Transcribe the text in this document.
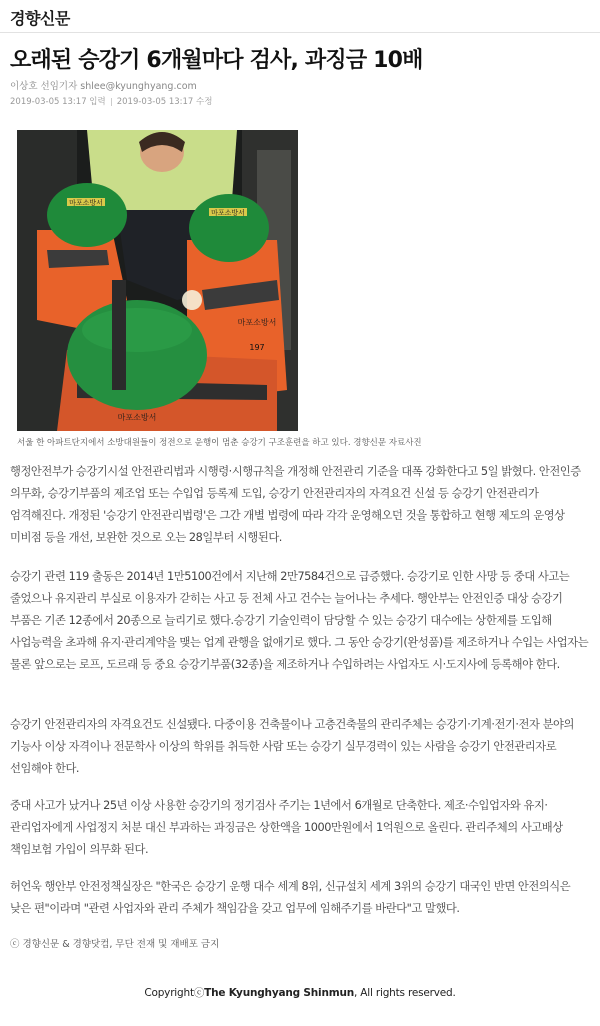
경향신문
오래된 승강기 6개월마다 검사, 과징금 10배
이상호 선임기자 shlee@kyunghyang.com
2019-03-05 13:17 입력 2019-03-05 13:17 수정
마포소방서
197
마포소방서
마포소방서
마포소방서
서울 한 아파트단지에서 소방대원들이 정전으로 운행이 멈춘 승강기 구조훈련을 하고 있다. 경향신문 자료사진

행정안전부가 승강기시설 안전관리법과 시행령·시행규칙을 개정해 안전관리 기준을 대폭 강화한다고 5일 밝혔다. 안전인증 의무화, 승강기부품의 제조업 또는 수입업 등록제 도입, 승강기 안전관리자의 자격요건 신설 등 승강기 안전관리가 엄격해진다. 개정된 '승강기 안전관리법령'은 그간 개별 법령에 따라 각각 운영해오던 것을 통합하고 현행 제도의 운영상 미비점 등을 개선, 보완한 것으로 오는 28일부터 시행된다.

승강기 관련 119 출동은 2014년 1만5100건에서 지난해 2만7584건으로 급증했다. 승강기로 인한 사망 등 중대 사고는 줄었으나 유지관리 부실로 이용자가 갇히는 사고 등 전체 사고 건수는 늘어나는 추세다. 행안부는 안전인증 대상 승강기 부품은 기존 12종에서 20종으로 늘리기로 했다.승강기 기술인력이 담당할 수 있는 승강기 대수에는 상한제를 도입해 사업능력을 초과해 유지·관리계약을 맺는 업계 관행을 없애기로 했다. 그 동안 승강기(완성품)를 제조하거나 수입는 사업자는 물론 앞으로는 로프, 도르래 등 중요 승강기부품(32종)을 제조하거나 수입하려는 사업자도 시·도지사에 등록해야 한다.

승강기 안전관리자의 자격요건도 신설됐다. 다중이용 건축물이나 고층건축물의 관리주체는 승강기·기계·전기·전자 분야의 기능사 이상 자격이나 전문학사 이상의 학위를 취득한 사람 또는 승강기 실무경력이 있는 사람을 승강기 안전관리자로 선임해야 한다.

중대 사고가 났거나 25년 이상 사용한 승강기의 정기검사 주기는 1년에서 6개월로 단축한다. 제조·수입업자와 유지·관리업자에게 사업정지 처분 대신 부과하는 과징금은 상한액을 1000만원에서 1억원으로 올린다. 관리주체의 사고배상 책임보험 가입이 의무화 된다.

허언욱 행안부 안전정책실장은 "한국은 승강기 운행 대수 세계 8위, 신규설치 세계 3위의 승강기 대국인 반면 안전의식은 낮은 편"이라며 "관련 사업자와 관리 주체가 책임감을 갖고 업무에 임해주기를 바란다"고 말했다.

ⓒ 경향신문 & 경향닷컴, 무단 전재 및 재배포 금지
CopyrightⓒThe Kyunghyang Shinmun, All rights reserved.
